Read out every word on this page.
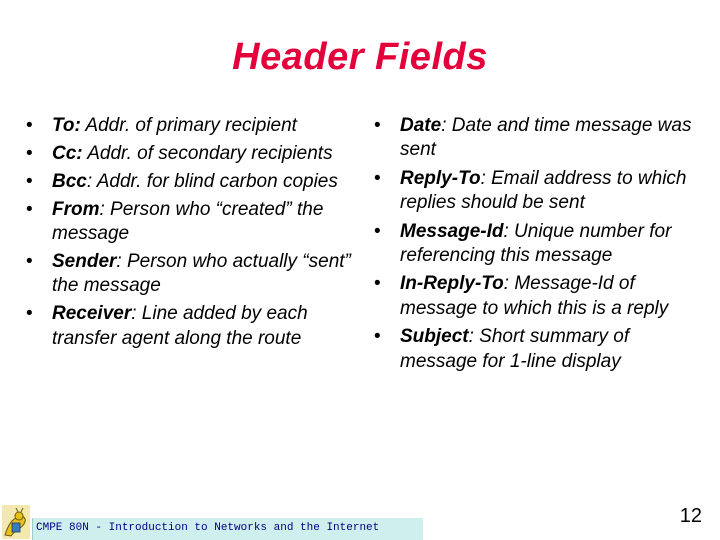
Header Fields
• To: Addr. of primary recipient
• Cc: Addr. of secondary recipients
• Bcc: Addr. for blind carbon copies
• From: Person who “created” the message
• Sender: Person who actually “sent” the message
• Receiver: Line added by each transfer agent along the route
• Date: Date and time message was sent
• Reply-To: Email address to which replies should be sent
• Message-Id: Unique number for referencing this message
• In-Reply-To: Message-Id of message to which this is a reply
• Subject: Short summary of message for 1-line display
CMPE 80N - Introduction to Networks and the Internet
12
